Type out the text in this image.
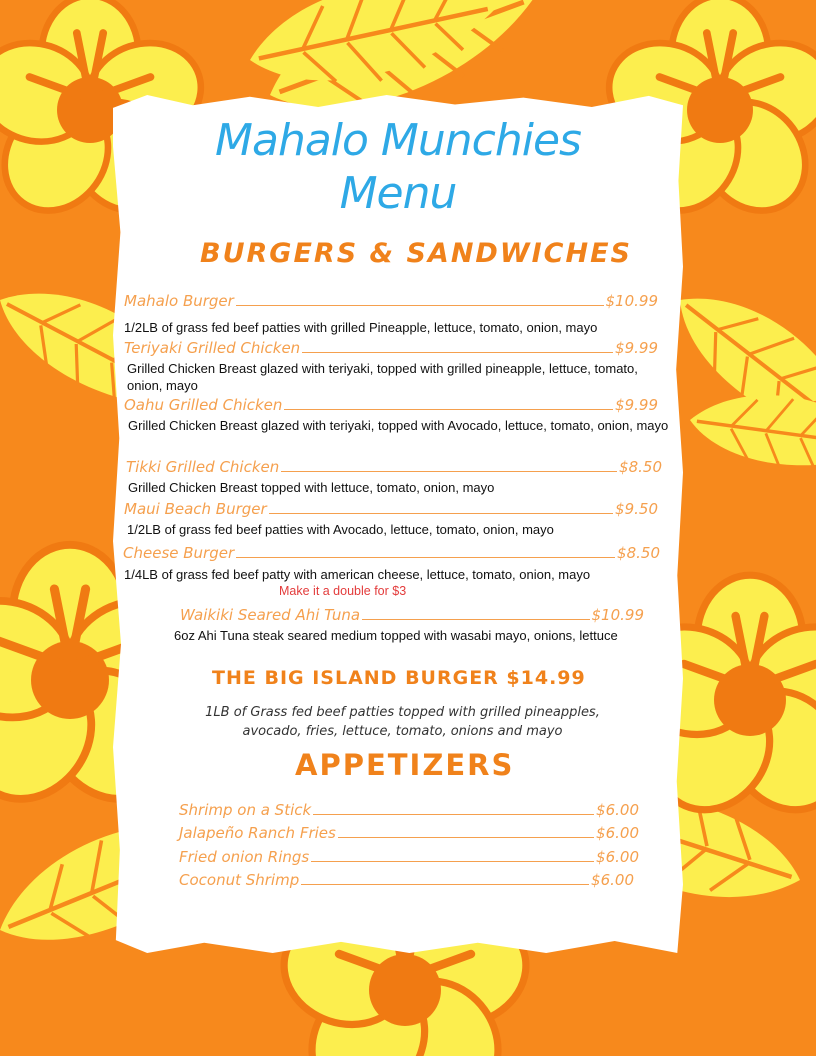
Mahalo Munchies
Menu
BURGERS & SANDWICHES
Mahalo Burger	$10.99
1/2LB of grass fed beef patties with grilled Pineapple, lettuce, tomato, onion, mayo
Teriyaki Grilled Chicken	$9.99
Grilled Chicken Breast glazed with teriyaki, topped with grilled pineapple, lettuce, tomato, onion, mayo
Oahu Grilled Chicken	$9.99
Grilled Chicken Breast glazed with teriyaki, topped with Avocado, lettuce, tomato, onion, mayo
Tikki Grilled Chicken	$8.50
Grilled Chicken Breast topped with lettuce, tomato, onion, mayo
Maui Beach Burger	$9.50
1/2LB of grass fed beef patties with Avocado, lettuce, tomato, onion, mayo
Cheese Burger	$8.50
1/4LB of grass fed beef patty with american cheese, lettuce, tomato, onion, mayo
Make it a double for $3
Waikiki Seared Ahi Tuna	$10.99
6oz Ahi Tuna steak seared medium topped with wasabi mayo, onions, lettuce
THE BIG ISLAND BURGER $14.99
1LB of Grass fed beef patties topped with grilled pineapples, avocado, fries, lettuce, tomato, onions and mayo
APPETIZERS
Shrimp on a Stick	$6.00
Jalapeño Ranch Fries	$6.00
Fried onion Rings	$6.00
Coconut Shrimp	$6.00
